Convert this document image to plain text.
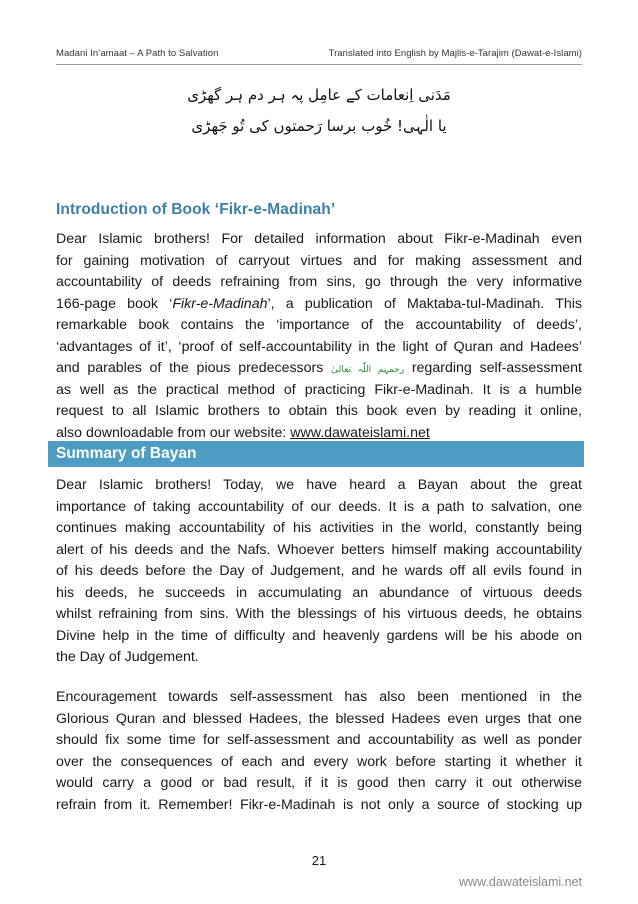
Madani In’amaat – A Path to Salvation	Translated into English by Majlis-e-Tarajim (Dawat-e-Islami)
مَدَنی اِنعامات کے عامِل پہ ہر دم ہر گھڑی
یا الٰہی! خُوب برسا رَحمتوں کی تُو جَھڑی
Introduction of Book ‘Fikr-e-Madinah’
Dear Islamic brothers! For detailed information about Fikr-e-Madinah even
for gaining motivation of carryout virtues and for making assessment and
accountability of deeds refraining from sins, go through the very informative
166-page book ‘Fikr-e-Madinah’, a publication of Maktaba-tul-Madinah. This
remarkable book contains the ‘importance of the accountability of deeds’,
‘advantages of it’, ‘proof of self-accountability in the light of Quran and Hadees’
and parables of the pious predecessors رحمہم اللّٰہ تعالیٰ regarding self-assessment
as well as the practical method of practicing Fikr-e-Madinah. It is a humble
request to all Islamic brothers to obtain this book even by reading it online,
also downloadable from our website: www.dawateislami.net
Summary of Bayan
Dear Islamic brothers! Today, we have heard a Bayan about the great
importance of taking accountability of our deeds. It is a path to salvation, one
continues making accountability of his activities in the world, constantly being
alert of his deeds and the Nafs. Whoever betters himself making accountability
of his deeds before the Day of Judgement, and he wards off all evils found in
his deeds, he succeeds in accumulating an abundance of virtuous deeds
whilst refraining from sins. With the blessings of his virtuous deeds, he obtains
Divine help in the time of difficulty and heavenly gardens will be his abode on
the Day of Judgement.
Encouragement towards self-assessment has also been mentioned in the
Glorious Quran and blessed Hadees, the blessed Hadees even urges that one
should fix some time for self-assessment and accountability as well as ponder
over the consequences of each and every work before starting it whether it
would carry a good or bad result, if it is good then carry it out otherwise
refrain from it. Remember! Fikr-e-Madinah is not only a source of stocking up
21
www.dawateislami.net
